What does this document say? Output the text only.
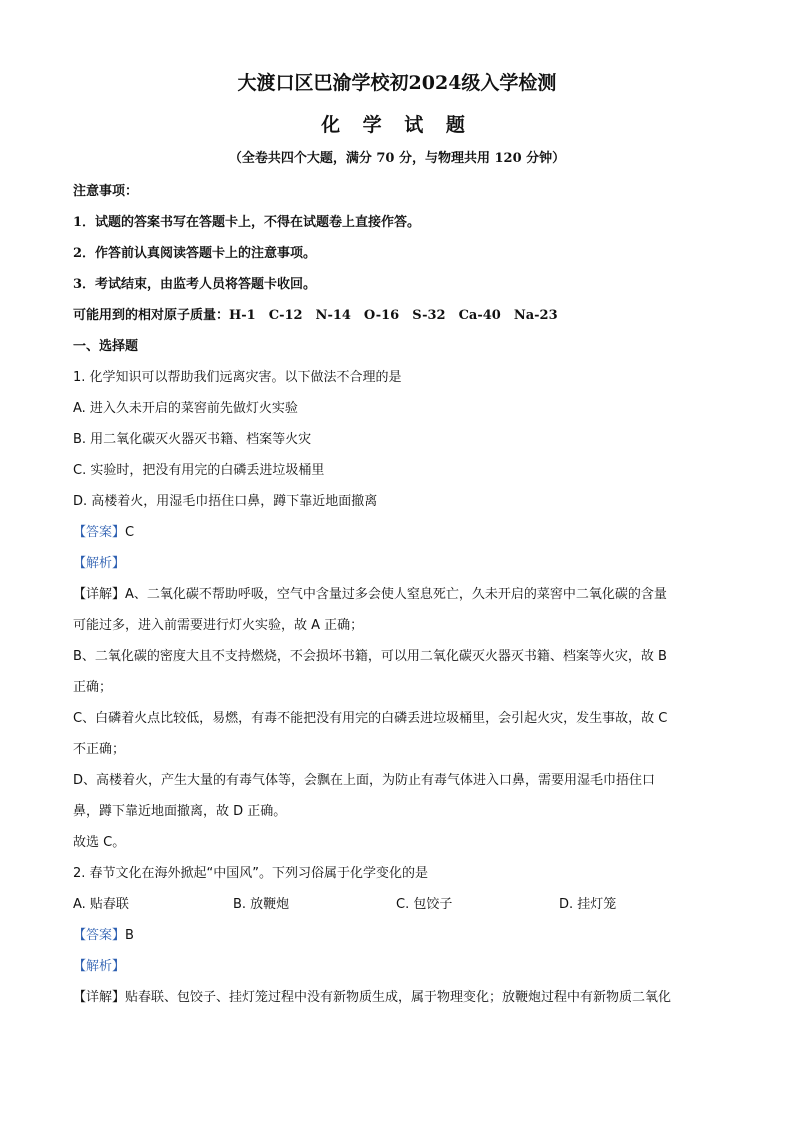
大渡口区巴渝学校初2024级入学检测
化 学 试 题
（全卷共四个大题，满分 70 分，与物理共用 120 分钟）
注意事项：
1．试题的答案书写在答题卡上，不得在试题卷上直接作答。
2．作答前认真阅读答题卡上的注意事项。
3．考试结束，由监考人员将答题卡收回。
可能用到的相对原子质量：H-1　C-12　N-14　O-16　S-32　Ca-40　Na-23
一、选择题
1. 化学知识可以帮助我们远离灾害。以下做法不合理的是
A. 进入久未开启的菜窖前先做灯火实验
B. 用二氧化碳灭火器灭书籍、档案等火灾
C. 实验时，把没有用完的白磷丢进垃圾桶里
D. 高楼着火，用湿毛巾捂住口鼻，蹲下靠近地面撤离
【答案】C
【解析】
【详解】A、二氧化碳不帮助呼吸，空气中含量过多会使人窒息死亡，久未开启的菜窖中二氧化碳的含量
可能过多，进入前需要进行灯火实验，故 A 正确；
B、二氧化碳的密度大且不支持燃烧，不会损坏书籍，可以用二氧化碳灭火器灭书籍、档案等火灾，故 B
正确；
C、白磷着火点比较低，易燃，有毒不能把没有用完的白磷丢进垃圾桶里，会引起火灾，发生事故，故 C
不正确；
D、高楼着火，产生大量的有毒气体等，会飘在上面，为防止有毒气体进入口鼻，需要用湿毛巾捂住口
鼻，蹲下靠近地面撤离，故 D 正确。
故选 C。
2. 春节文化在海外掀起“中国风”。下列习俗属于化学变化的是
A. 贴春联	B. 放鞭炮	C. 包饺子	D. 挂灯笼
【答案】B
【解析】
【详解】贴春联、包饺子、挂灯笼过程中没有新物质生成，属于物理变化；放鞭炮过程中有新物质二氧化
